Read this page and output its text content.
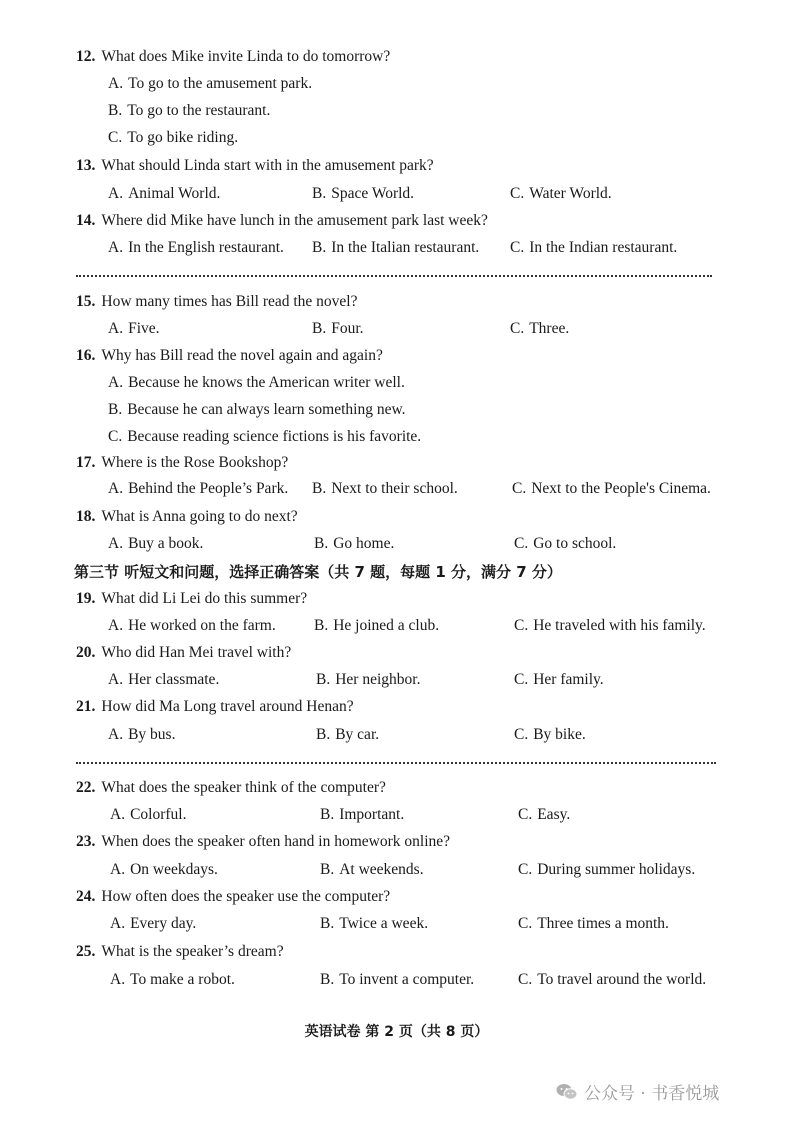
12. What does Mike invite Linda to do tomorrow?
A. To go to the amusement park.
B. To go to the restaurant.
C. To go bike riding.
13. What should Linda start with in the amusement park?
A. Animal World.	B. Space World.	C. Water World.
14. Where did Mike have lunch in the amusement park last week?
A. In the English restaurant. B. In the Italian restaurant. C. In the Indian restaurant.
15. How many times has Bill read the novel?
A. Five.	B. Four.	C. Three.
16. Why has Bill read the novel again and again?
A. Because he knows the American writer well.
B. Because he can always learn something new.
C. Because reading science fictions is his favorite.
17. Where is the Rose Bookshop?
A. Behind the People’s Park. B. Next to their school.	C. Next to the People's Cinema.
18. What is Anna going to do next?
A. Buy a book.	B. Go home.	C. Go to school.
第三节 听短文和问题，选择正确答案（共 7 题，每题 1 分，满分 7 分）
19. What did Li Lei do this summer?
A. He worked on the farm. B. He joined a club.	C. He traveled with his family.
20. Who did Han Mei travel with?
A. Her classmate.	B. Her neighbor.	C. Her family.
21. How did Ma Long travel around Henan?
A. By bus.	B. By car.	C. By bike.
22. What does the speaker think of the computer?
A. Colorful.	B. Important.	C. Easy.
23. When does the speaker often hand in homework online?
A. On weekdays.	B. At weekends.	C. During summer holidays.
24. How often does the speaker use the computer?
A. Every day.	B. Twice a week.	C. Three times a month.
25. What is the speaker’s dream?
A. To make a robot.	B. To invent a computer.	C. To travel around the world.
英语试卷 第 2 页（共 8 页）
公众号 · 书香悦城
